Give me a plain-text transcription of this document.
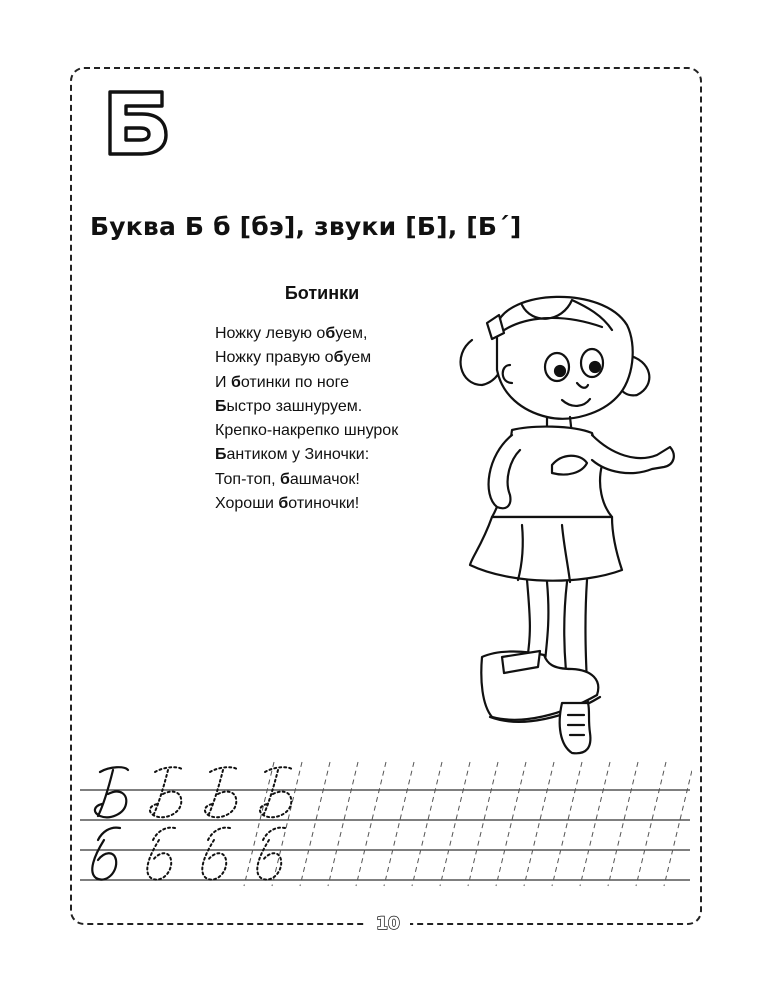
Буква Б б [бэ], звуки [Б], [Б´]
Ботинки
Ножку левую обуем,
Ножку правую обуем
И ботинки по ноге
Быстро зашнуруем.
Крепко-накрепко шнурок
Бантиком у Зиночки:
Топ-топ, башмачок!
Хороши ботиночки!
10
